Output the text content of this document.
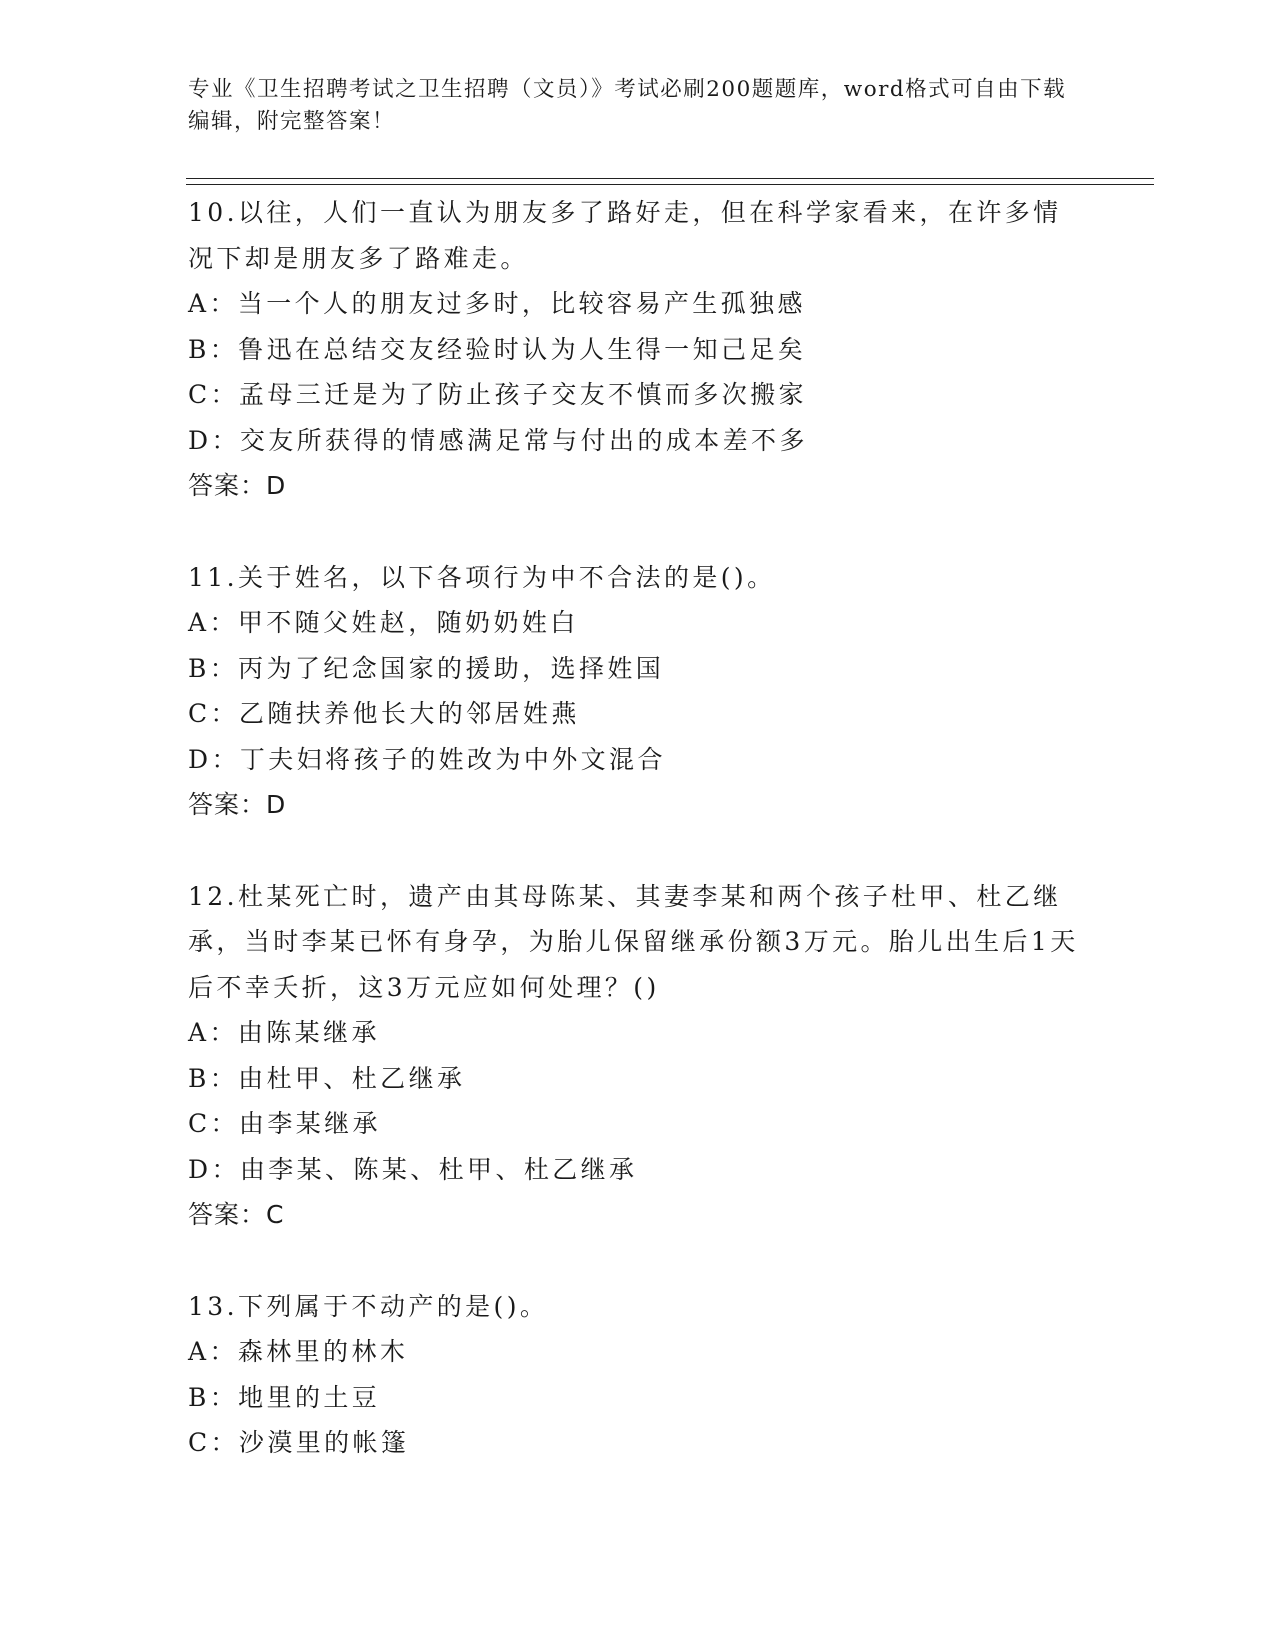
专业《卫生招聘考试之卫生招聘（文员）》考试必刷200题题库，word格式可自由下载编辑，附完整答案！

10.以往，人们一直认为朋友多了路好走，但在科学家看来，在许多情况下却是朋友多了路难走。

A：当一个人的朋友过多时，比较容易产生孤独感
B：鲁迅在总结交友经验时认为人生得一知己足矣
C：孟母三迁是为了防止孩子交友不慎而多次搬家
D：交友所获得的情感满足常与付出的成本差不多
答案：D

11.关于姓名，以下各项行为中不合法的是()。

A：甲不随父姓赵，随奶奶姓白
B：丙为了纪念国家的援助，选择姓国
C：乙随扶养他长大的邻居姓燕
D：丁夫妇将孩子的姓改为中外文混合
答案：D

12.杜某死亡时，遗产由其母陈某、其妻李某和两个孩子杜甲、杜乙继承，当时李某已怀有身孕，为胎儿保留继承份额3万元。胎儿出生后1天后不幸夭折，这3万元应如何处理？()

A：由陈某继承
B：由杜甲、杜乙继承
C：由李某继承
D：由李某、陈某、杜甲、杜乙继承
答案：C

13.下列属于不动产的是()。

A：森林里的林木
B：地里的土豆
C：沙漠里的帐篷
